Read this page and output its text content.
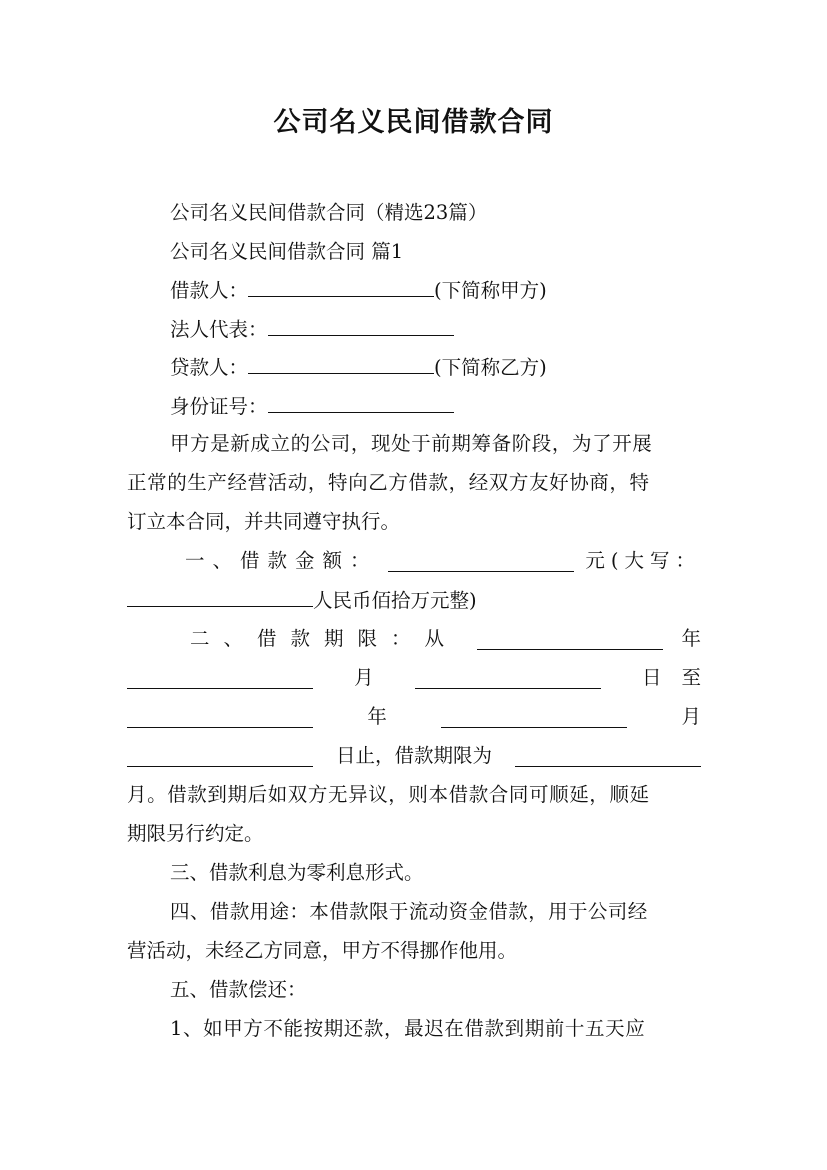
公司名义民间借款合同
公司名义民间借款合同（精选23篇）
公司名义民间借款合同 篇1
借款人：	(下简称甲方)
法人代表：
贷款人：	(下简称乙方)
身份证号：
甲方是新成立的公司，现处于前期筹备阶段，为了开展
正常的生产经营活动，特向乙方借款，经双方友好协商，特
订立本合同，并共同遵守执行。
一、借款金额：	元(大写：
人民币佰拾万元整)
二、借款期限：从	年
月	日至
年	月
日止，借款期限为
月。借款到期后如双方无异议，则本借款合同可顺延，顺延
期限另行约定。
三、借款利息为零利息形式。
四、借款用途：本借款限于流动资金借款，用于公司经
营活动，未经乙方同意，甲方不得挪作他用。
五、借款偿还：
1、如甲方不能按期还款，最迟在借款到期前十五天应
